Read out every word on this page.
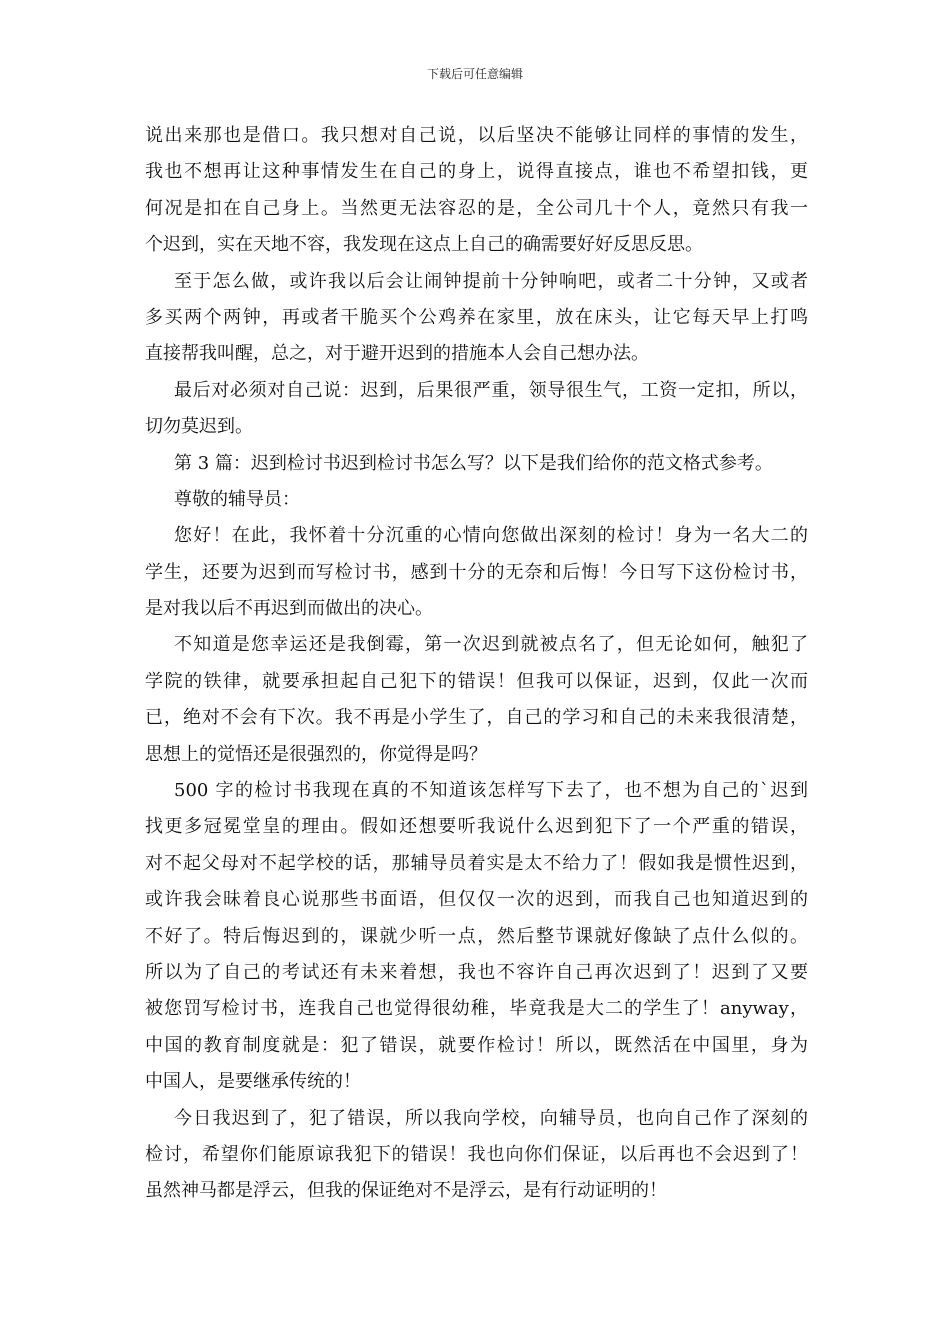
下载后可任意编辑
说出来那也是借口。我只想对自己说，以后坚决不能够让同样的事情的发生，
我也不想再让这种事情发生在自己的身上，说得直接点，谁也不希望扣钱，更
何况是扣在自己身上。当然更无法容忍的是，全公司几十个人，竟然只有我一
个迟到，实在天地不容，我发现在这点上自己的确需要好好反思反思。
至于怎么做，或许我以后会让闹钟提前十分钟响吧，或者二十分钟，又或者
多买两个两钟，再或者干脆买个公鸡养在家里，放在床头，让它每天早上打鸣
直接帮我叫醒，总之，对于避开迟到的措施本人会自己想办法。
最后对必须对自己说：迟到，后果很严重，领导很生气，工资一定扣，所以，
切勿莫迟到。
第 3 篇：迟到检讨书迟到检讨书怎么写？以下是我们给你的范文格式参考。
尊敬的辅导员：
您好！在此，我怀着十分沉重的心情向您做出深刻的检讨！身为一名大二的
学生，还要为迟到而写检讨书，感到十分的无奈和后悔！今日写下这份检讨书，
是对我以后不再迟到而做出的决心。
不知道是您幸运还是我倒霉，第一次迟到就被点名了，但无论如何，触犯了
学院的铁律，就要承担起自己犯下的错误！但我可以保证，迟到，仅此一次而
已，绝对不会有下次。我不再是小学生了，自己的学习和自己的未来我很清楚，
思想上的觉悟还是很强烈的，你觉得是吗？
500 字的检讨书我现在真的不知道该怎样写下去了，也不想为自己的`迟到
找更多冠冕堂皇的理由。假如还想要听我说什么迟到犯下了一个严重的错误，
对不起父母对不起学校的话，那辅导员着实是太不给力了！假如我是惯性迟到，
或许我会昧着良心说那些书面语，但仅仅一次的迟到，而我自己也知道迟到的
不好了。特后悔迟到的，课就少听一点，然后整节课就好像缺了点什么似的。
所以为了自己的考试还有未来着想，我也不容许自己再次迟到了！迟到了又要
被您罚写检讨书，连我自己也觉得很幼稚，毕竟我是大二的学生了！anyway，
中国的教育制度就是：犯了错误，就要作检讨！所以，既然活在中国里，身为
中国人，是要继承传统的！
今日我迟到了，犯了错误，所以我向学校，向辅导员，也向自己作了深刻的
检讨，希望你们能原谅我犯下的错误！我也向你们保证，以后再也不会迟到了！
虽然神马都是浮云，但我的保证绝对不是浮云，是有行动证明的！
